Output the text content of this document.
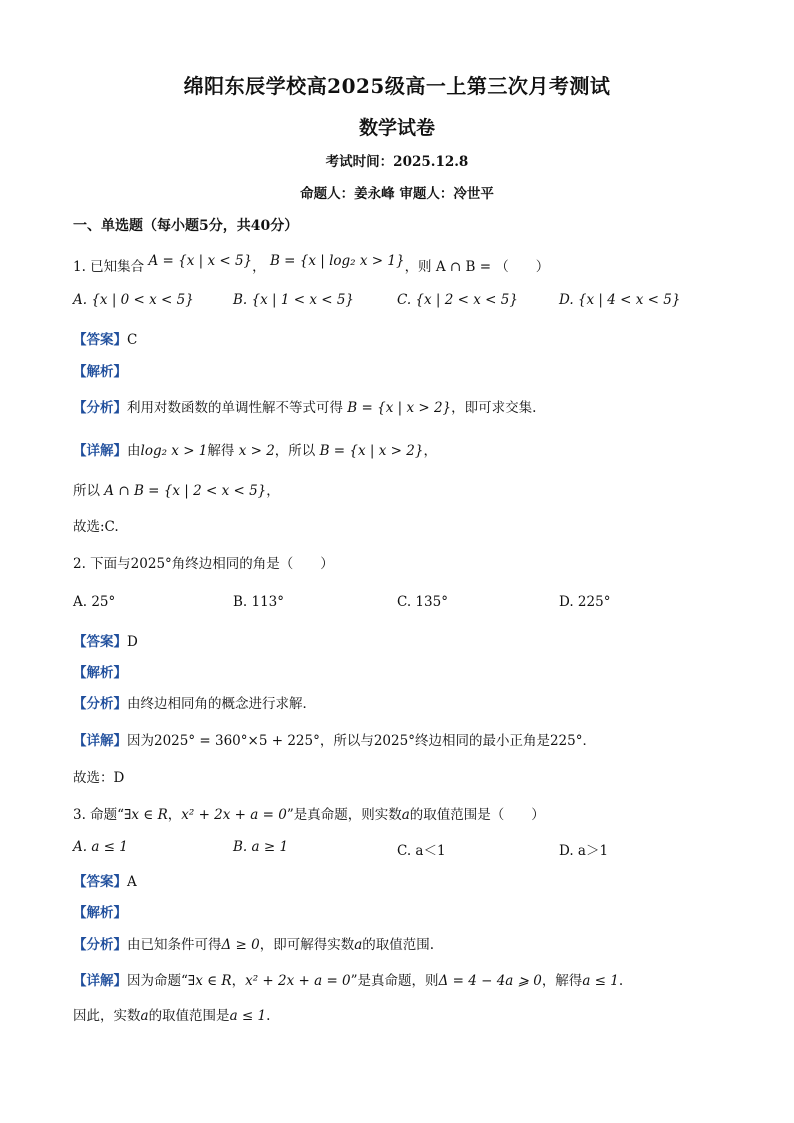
绵阳东辰学校高2025级高一上第三次月考测试
数学试卷
考试时间：2025.12.8
命题人：姜永峰 审题人：冷世平
一、单选题（每小题5分，共40分）
1. 已知集合 A = {x | x < 5}， B = {x | log₂ x > 1}，则 A ∩ B = （　　）
A. {x | 0 < x < 5}	B. {x | 1 < x < 5}	C. {x | 2 < x < 5}	D. {x | 4 < x < 5}
【答案】C
【解析】
【分析】利用对数函数的单调性解不等式可得 B = {x | x > 2}，即可求交集.
【详解】由log₂ x > 1解得 x > 2，所以 B = {x | x > 2}，
所以 A ∩ B = {x | 2 < x < 5}，
故选:C.
2. 下面与2025°角终边相同的角是（　　）
A. 25°	B. 113°	C. 135°	D. 225°
【答案】D
【解析】
【分析】由终边相同角的概念进行求解．
【详解】因为2025° = 360°×5 + 225°，所以与2025°终边相同的最小正角是225°．
故选：D
3. 命题“∃x ∈ R，x² + 2x + a = 0”是真命题，则实数a的取值范围是（　　）
A. a ≤ 1	B. a ≥ 1	C. a＜1	D. a＞1
【答案】A
【解析】
【分析】由已知条件可得Δ ≥ 0，即可解得实数a的取值范围.
【详解】因为命题“∃x ∈ R，x² + 2x + a = 0”是真命题，则Δ = 4 − 4a ⩾ 0，解得a ≤ 1.
因此，实数a的取值范围是a ≤ 1.
